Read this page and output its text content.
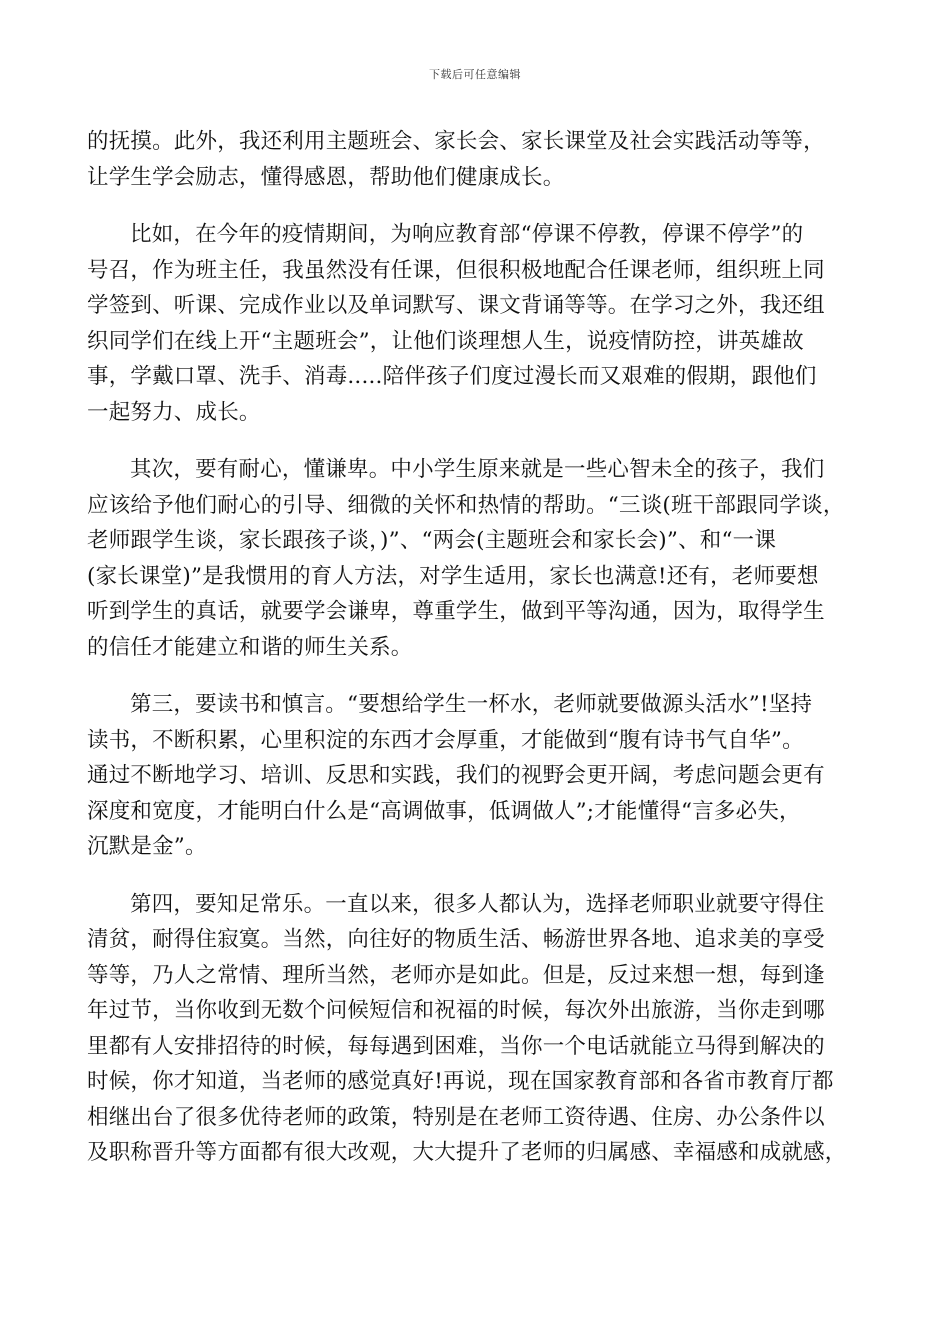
下载后可任意编辑
的抚摸。此外，我还利用主题班会、家长会、家长课堂及社会实践活动等等，
让学生学会励志，懂得感恩，帮助他们健康成长。
比如，在今年的疫情期间，为响应教育部“停课不停教，停课不停学”的
号召，作为班主任，我虽然没有任课，但很积极地配合任课老师，组织班上同
学签到、听课、完成作业以及单词默写、课文背诵等等。在学习之外，我还组
织同学们在线上开“主题班会”，让他们谈理想人生，说疫情防控，讲英雄故
事，学戴口罩、洗手、消毒.....陪伴孩子们度过漫长而又艰难的假期，跟他们
一起努力、成长。
其次，要有耐心，懂谦卑。中小学生原来就是一些心智未全的孩子，我们
应该给予他们耐心的引导、细微的关怀和热情的帮助。“三谈(班干部跟同学谈，
老师跟学生谈，家长跟孩子谈，)”、“两会(主题班会和家长会)”、和“一课
(家长课堂)”是我惯用的育人方法，对学生适用，家长也满意!还有，老师要想
听到学生的真话，就要学会谦卑，尊重学生，做到平等沟通，因为，取得学生
的信任才能建立和谐的师生关系。
第三，要读书和慎言。“要想给学生一杯水，老师就要做源头活水”!坚持
读书，不断积累，心里积淀的东西才会厚重，才能做到“腹有诗书气自华”。
通过不断地学习、培训、反思和实践，我们的视野会更开阔，考虑问题会更有
深度和宽度，才能明白什么是“高调做事，低调做人”;才能懂得“言多必失，
沉默是金”。
第四，要知足常乐。一直以来，很多人都认为，选择老师职业就要守得住
清贫，耐得住寂寞。当然，向往好的物质生活、畅游世界各地、追求美的享受
等等，乃人之常情、理所当然，老师亦是如此。但是，反过来想一想，每到逢
年过节，当你收到无数个问候短信和祝福的时候，每次外出旅游，当你走到哪
里都有人安排招待的时候，每每遇到困难，当你一个电话就能立马得到解决的
时候，你才知道，当老师的感觉真好!再说，现在国家教育部和各省市教育厅都
相继出台了很多优待老师的政策，特别是在老师工资待遇、住房、办公条件以
及职称晋升等方面都有很大改观，大大提升了老师的归属感、幸福感和成就感，
